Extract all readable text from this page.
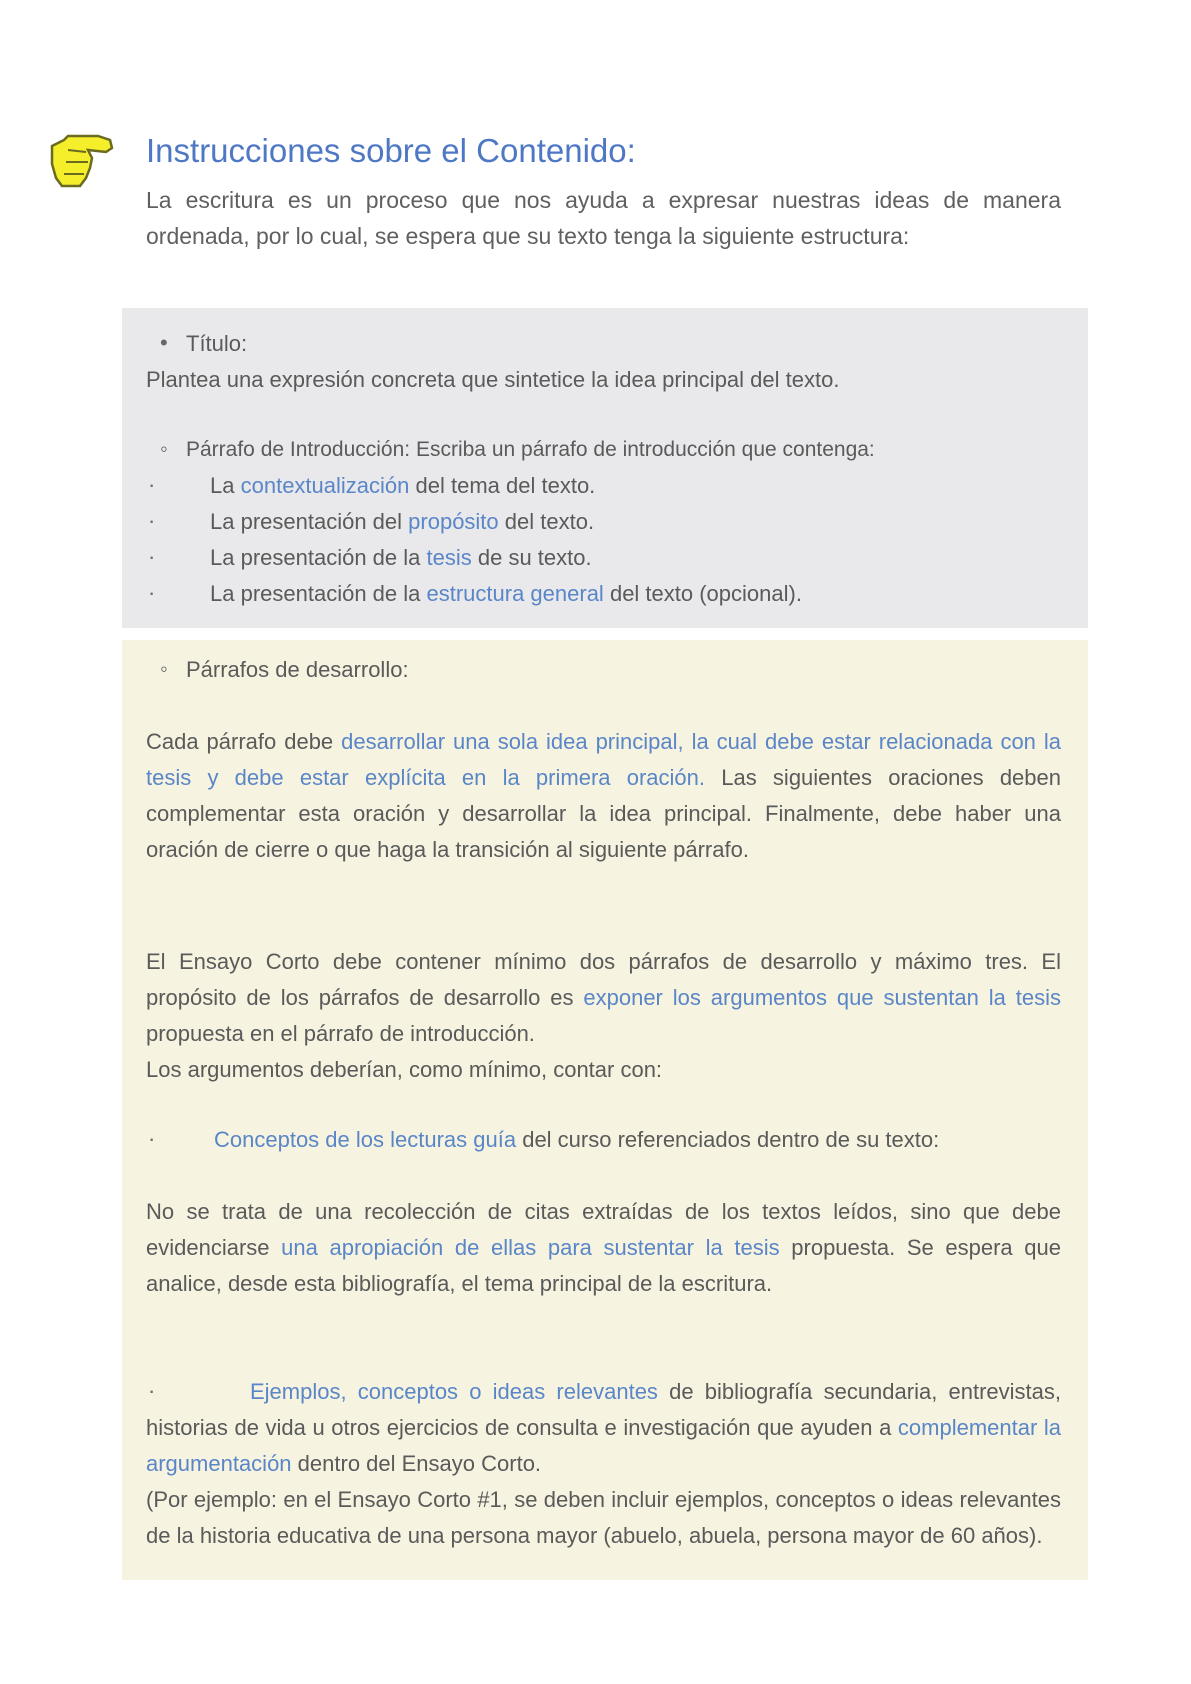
Instrucciones sobre el Contenido:

La escritura es un proceso que nos ayuda a expresar nuestras ideas de manera ordenada, por lo cual, se espera que su texto tenga la siguiente estructura:

• Título:

Plantea una expresión concreta que sintetice la idea principal del texto.

◦ Párrafo de Introducción: Escriba un párrafo de introducción que contenga:

· La contextualización del tema del texto.

· La presentación del propósito del texto.

· La presentación de la tesis de su texto.

· La presentación de la estructura general del texto (opcional).

◦ Párrafos de desarrollo:

Cada párrafo debe desarrollar una sola idea principal, la cual debe estar relacionada con la tesis y debe estar explícita en la primera oración. Las siguientes oraciones deben complementar esta oración y desarrollar la idea principal. Finalmente, debe haber una oración de cierre o que haga la transición al siguiente párrafo.

El Ensayo Corto debe contener mínimo dos párrafos de desarrollo y máximo tres. El propósito de los párrafos de desarrollo es exponer los argumentos que sustentan la tesis propuesta en el párrafo de introducción.

Los argumentos deberían, como mínimo, contar con:

·	Conceptos de los lecturas guía del curso referenciados dentro de su texto:

No se trata de una recolección de citas extraídas de los textos leídos, sino que debe evidenciarse una apropiación de ellas para sustentar la tesis propuesta. Se espera que analice, desde esta bibliografía, el tema principal de la escritura.

·	Ejemplos, conceptos o ideas relevantes de bibliografía secundaria, entrevistas, historias de vida u otros ejercicios de consulta e investigación que ayuden a complementar la argumentación dentro del Ensayo Corto.

(Por ejemplo: en el Ensayo Corto #1, se deben incluir ejemplos, conceptos o ideas relevantes de la historia educativa de una persona mayor (abuelo, abuela, persona mayor de 60 años).
